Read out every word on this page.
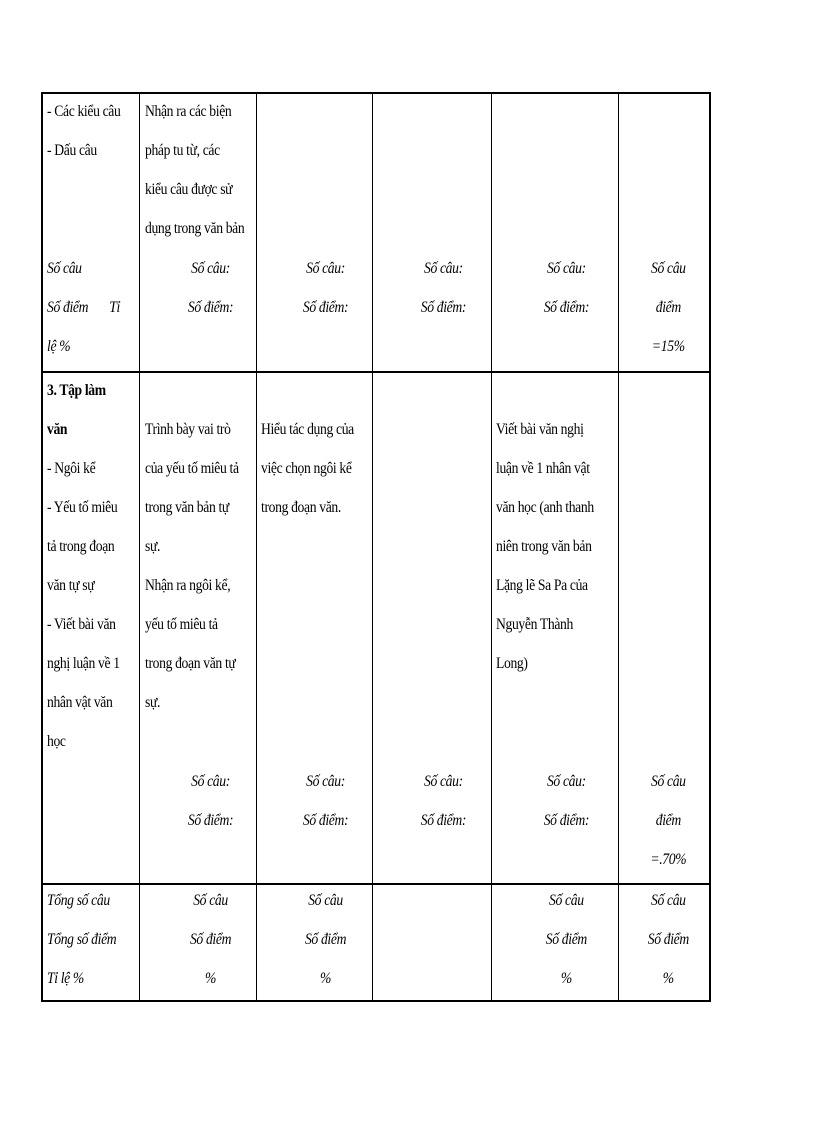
- Các kiểu câu
- Dấu câu
Nhận ra các biện
pháp tu từ, các
kiểu câu được sử
dụng trong văn bản
Số câu
Số điểm Tỉ
lệ %
Số câu:
Số điểm:
Số câu:
Số điểm:
Số câu:
Số điểm:
Số câu:
Số điểm:
Số câu
điểm
=15%
3. Tập làm
văn
- Ngôi kể
- Yếu tố miêu
tả trong đoạn
văn tự sự
- Viết bài văn
nghị luận về 1
nhân vật văn
học
Trình bày vai trò
của yếu tố miêu tả
trong văn bản tự
sự.
Nhận ra ngôi kể,
yếu tố miêu tả
trong đoạn văn tự
sự.
Hiểu tác dụng của
việc chọn ngôi kể
trong đoạn văn.
Viết bài văn nghị
luận về 1 nhân vật
văn học (anh thanh
niên trong văn bản
Lặng lẽ Sa Pa của
Nguyễn Thành
Long)
Số câu:
Số điểm:
Số câu:
Số điểm:
Số câu:
Số điểm:
Số câu:
Số điểm:
Số câu
điểm
=.70%
Tổng số câu
Tổng số điểm
Tỉ lệ %
Số câu
Số điểm
%
Số câu
Số điểm
%
Số câu
Số điểm
%
Số câu
Số điểm
%
